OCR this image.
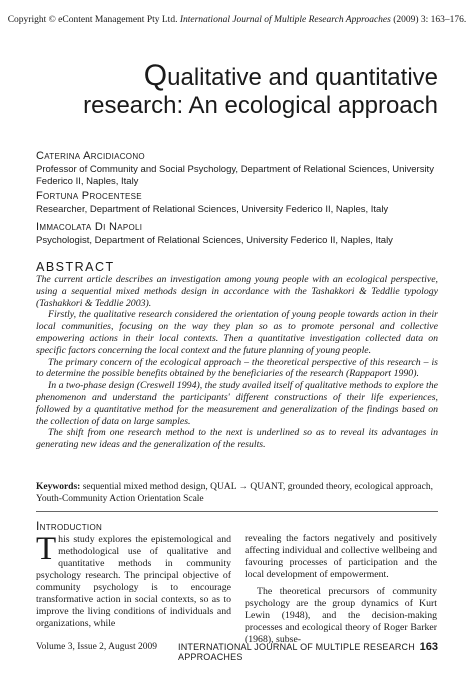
Copyright © eContent Management Pty Ltd. International Journal of Multiple Research Approaches (2009) 3: 163–176.
Qualitative and quantitative
research: An ecological approach
Caterina Arcidiacono
Professor of Community and Social Psychology, Department of Relational Sciences, University Federico II, Naples, Italy
Fortuna Procentese
Researcher, Department of Relational Sciences, University Federico II, Naples, Italy
Immacolata Di Napoli
Psychologist, Department of Relational Sciences, University Federico II, Naples, Italy
ABSTRACT

The current article describes an investigation among young people with an ecological perspective, using a sequential mixed methods design in accordance with the Tashakkori & Teddlie typology (Tashakkori & Teddlie 2003).

Firstly, the qualitative research considered the orientation of young people towards action in their local communities, focusing on the way they plan so as to promote personal and collective empowering actions in their local contexts. Then a quantitative investigation collected data on specific factors concerning the local context and the future planning of young people.

The primary concern of the ecological approach – the theoretical perspective of this research – is to determine the possible benefits obtained by the beneficiaries of the research (Rappaport 1990).

In a two-phase design (Creswell 1994), the study availed itself of qualitative methods to explore the phenomenon and understand the participants' different constructions of their life experiences, followed by a quantitative method for the measurement and generalization of the findings based on the collection of data on large samples.

The shift from one research method to the next is underlined so as to reveal its advantages in generating new ideas and the generalization of the results.

Keywords: sequential mixed method design, QUAL → QUANT, grounded theory, ecological approach, Youth-Community Action Orientation Scale
Introduction
This study explores the epistemological and methodological use of qualitative and quantitative methods in community psychology research. The principal objective of community psychology is to encourage transformative action in social contexts, so as to improve the living conditions of individuals and organizations, while

revealing the factors negatively and positively affecting individual and collective wellbeing and favouring processes of participation and the local development of empowerment.

The theoretical precursors of community psychology are the group dynamics of Kurt Lewin (1948), and the decision-making processes and ecological theory of Roger Barker (1968), subse-

Volume 3, Issue 2, August 2009 INTERNATIONAL JOURNAL OF MULTIPLE RESEARCH APPROACHES
163
